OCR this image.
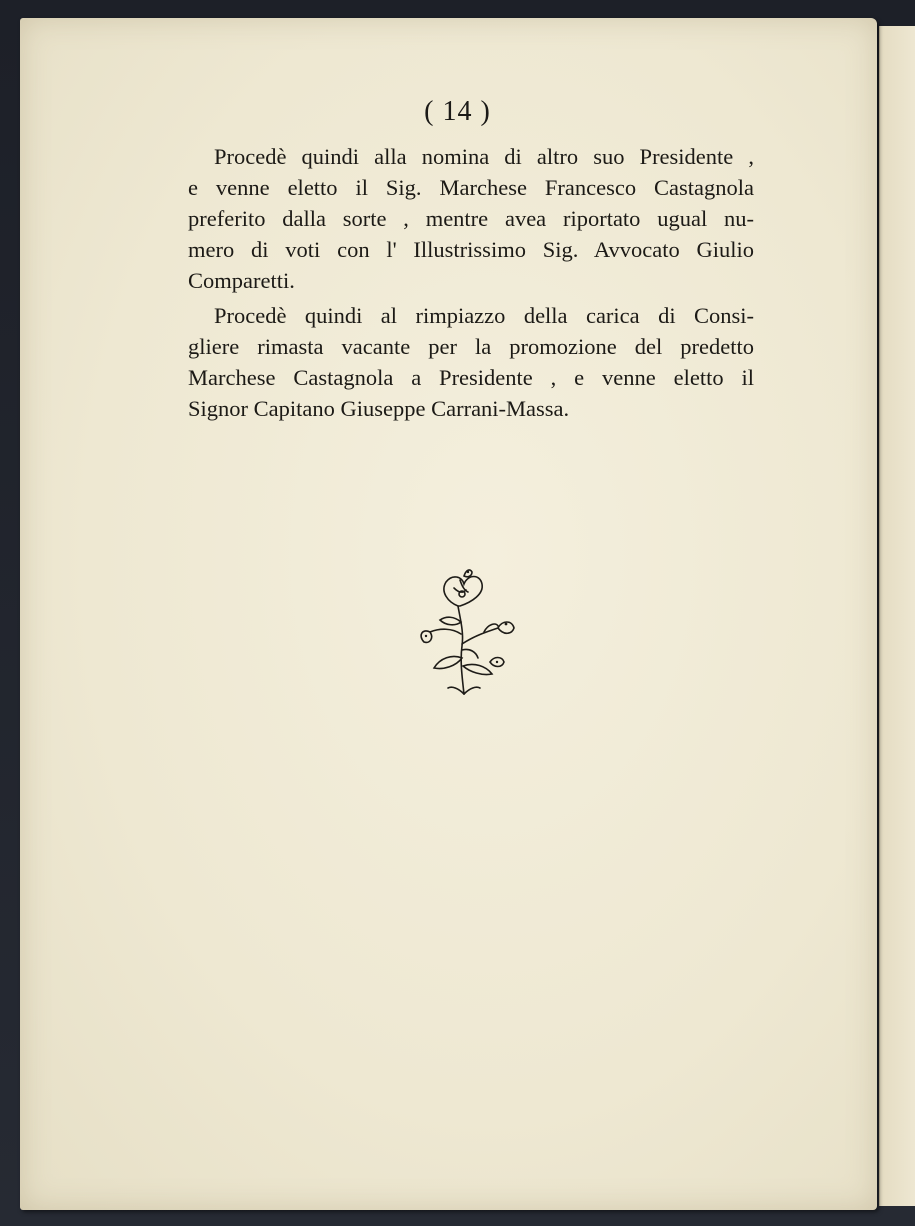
( 14 )
Procedè quindi alla nomina di altro suo Presidente ,
e venne eletto il Sig. Marchese Francesco Castagnola
preferito dalla sorte , mentre avea riportato ugual nu-
mero di voti con l' Illustrissimo Sig. Avvocato Giulio
Comparetti.
Procedè quindi al rimpiazzo della carica di Consi-
gliere rimasta vacante per la promozione del predetto
Marchese Castagnola a Presidente , e venne eletto il
Signor Capitano Giuseppe Carrani-Massa.
